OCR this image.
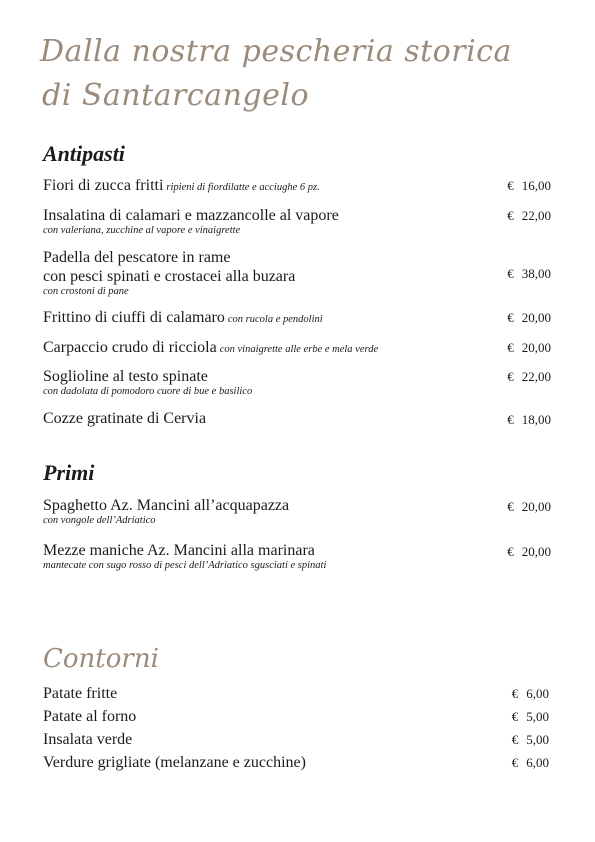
Dalla nostra pescheria storica
di Santarcangelo
Antipasti
Fiori di zucca fritti ripieni di fiordilatte e acciughe 6 pz.	€ 16,00
Insalatina di calamari e mazzancolle al vapore
con valeriana, zucchine al vapore e vinaigrette
€ 22,00
Padella del pescatore in rame
con pesci spinati e crostacei alla buzara
con crostoni di pane
€ 38,00
Frittino di ciuffi di calamaro con rucola e pendolini	€ 20,00
Carpaccio crudo di ricciola con vinaigrette alle erbe e mela verde	€ 20,00
Soglioline al testo spinate
con dadolata di pomodoro cuore di bue e basilico
€ 22,00
Cozze gratinate di Cervia	€ 18,00
Primi
Spaghetto Az. Mancini all’acquapazza
con vongole dell’Adriatico
€ 20,00
Mezze maniche Az. Mancini alla marinara
mantecate con sugo rosso di pesci dell’Adriatico sgusciati e spinati
€ 20,00
Contorni
Patate fritte	€ 6,00
Patate al forno	€ 5,00
Insalata verde	€ 5,00
Verdure grigliate (melanzane e zucchine)	€ 6,00
